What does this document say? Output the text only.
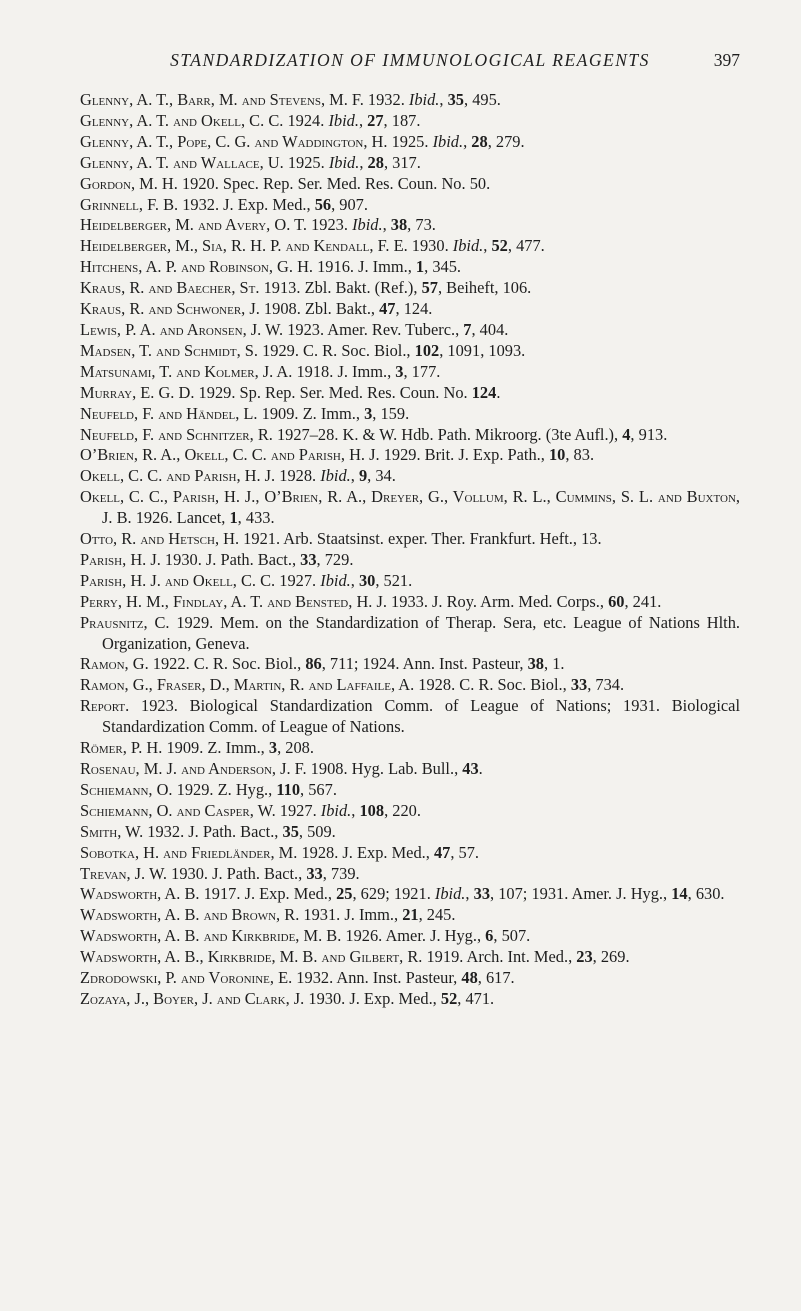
STANDARDIZATION OF IMMUNOLOGICAL REAGENTS	397
Glenny, A. T., Barr, M. and Stevens, M. F. 1932. Ibid., 35, 495.
Glenny, A. T. and Okell, C. C. 1924. Ibid., 27, 187.
Glenny, A. T., Pope, C. G. and Waddington, H. 1925. Ibid., 28, 279.
Glenny, A. T. and Wallace, U. 1925. Ibid., 28, 317.
Gordon, M. H. 1920. Spec. Rep. Ser. Med. Res. Coun. No. 50.
Grinnell, F. B. 1932. J. Exp. Med., 56, 907.
Heidelberger, M. and Avery, O. T. 1923. Ibid., 38, 73.
Heidelberger, M., Sia, R. H. P. and Kendall, F. E. 1930. Ibid., 52, 477.
Hitchens, A. P. and Robinson, G. H. 1916. J. Imm., 1, 345.
Kraus, R. and Baecher, St. 1913. Zbl. Bakt. (Ref.), 57, Beiheft, 106.
Kraus, R. and Schwoner, J. 1908. Zbl. Bakt., 47, 124.
Lewis, P. A. and Aronsen, J. W. 1923. Amer. Rev. Tuberc., 7, 404.
Madsen, T. and Schmidt, S. 1929. C. R. Soc. Biol., 102, 1091, 1093.
Matsunami, T. and Kolmer, J. A. 1918. J. Imm., 3, 177.
Murray, E. G. D. 1929. Sp. Rep. Ser. Med. Res. Coun. No. 124.
Neufeld, F. and Händel, L. 1909. Z. Imm., 3, 159.
Neufeld, F. and Schnitzer, R. 1927–28. K. & W. Hdb. Path. Mikroorg. (3te Aufl.), 4, 913.
O’Brien, R. A., Okell, C. C. and Parish, H. J. 1929. Brit. J. Exp. Path., 10, 83.
Okell, C. C. and Parish, H. J. 1928. Ibid., 9, 34.
Okell, C. C., Parish, H. J., O’Brien, R. A., Dreyer, G., Vollum, R. L., Cummins, S. L. and Buxton, J. B. 1926. Lancet, 1, 433.
Otto, R. and Hetsch, H. 1921. Arb. Staatsinst. exper. Ther. Frankfurt. Heft., 13.
Parish, H. J. 1930. J. Path. Bact., 33, 729.
Parish, H. J. and Okell, C. C. 1927. Ibid., 30, 521.
Perry, H. M., Findlay, A. T. and Bensted, H. J. 1933. J. Roy. Arm. Med. Corps., 60, 241.
Prausnitz, C. 1929. Mem. on the Standardization of Therap. Sera, etc. League of Nations Hlth. Organization, Geneva.
Ramon, G. 1922. C. R. Soc. Biol., 86, 711; 1924. Ann. Inst. Pasteur, 38, 1.
Ramon, G., Fraser, D., Martin, R. and Laffaile, A. 1928. C. R. Soc. Biol., 33, 734.
Report. 1923. Biological Standardization Comm. of League of Nations; 1931. Biological Standardization Comm. of League of Nations.
Römer, P. H. 1909. Z. Imm., 3, 208.
Rosenau, M. J. and Anderson, J. F. 1908. Hyg. Lab. Bull., 43.
Schiemann, O. 1929. Z. Hyg., 110, 567.
Schiemann, O. and Casper, W. 1927. Ibid., 108, 220.
Smith, W. 1932. J. Path. Bact., 35, 509.
Sobotka, H. and Friedländer, M. 1928. J. Exp. Med., 47, 57.
Trevan, J. W. 1930. J. Path. Bact., 33, 739.
Wadsworth, A. B. 1917. J. Exp. Med., 25, 629; 1921. Ibid., 33, 107; 1931. Amer. J. Hyg., 14, 630.
Wadsworth, A. B. and Brown, R. 1931. J. Imm., 21, 245.
Wadsworth, A. B. and Kirkbride, M. B. 1926. Amer. J. Hyg., 6, 507.
Wadsworth, A. B., Kirkbride, M. B. and Gilbert, R. 1919. Arch. Int. Med., 23, 269.
Zdrodowski, P. and Voronine, E. 1932. Ann. Inst. Pasteur, 48, 617.
Zozaya, J., Boyer, J. and Clark, J. 1930. J. Exp. Med., 52, 471.
